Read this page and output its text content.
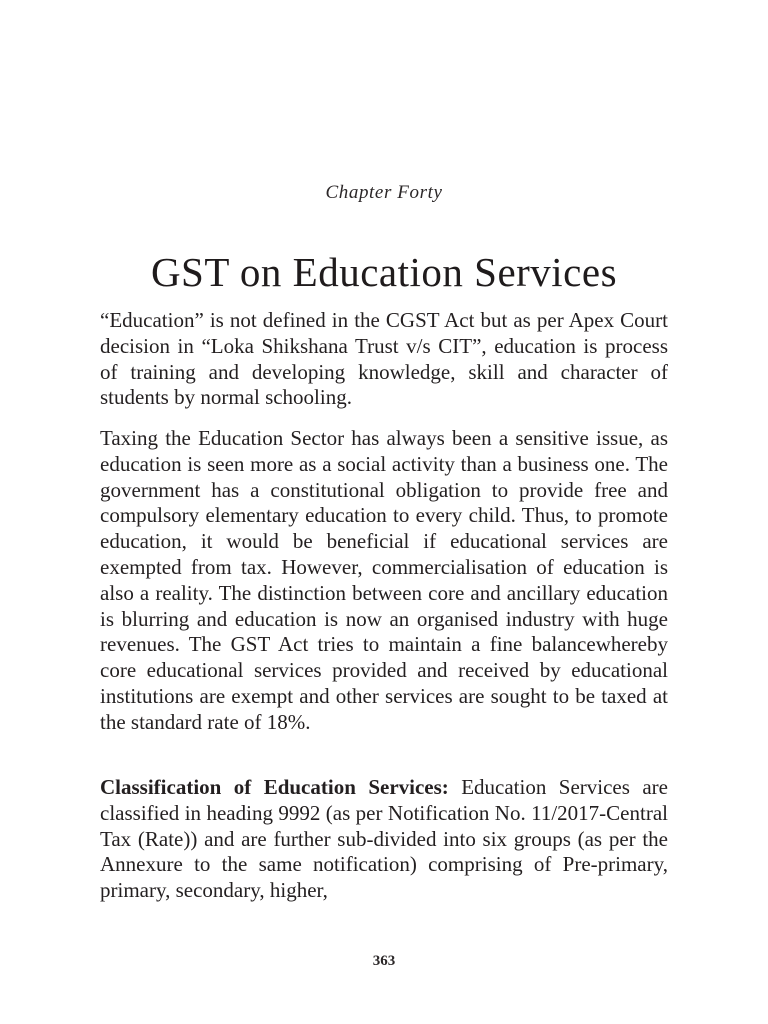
Chapter Forty
GST on Education Services

“Education” is not defined in the CGST Act but as per Apex Court decision in “Loka Shikshana Trust v/s CIT”, education is process of training and developing knowledge, skill and character of students by normal schooling.

Taxing the Education Sector has always been a sensitive issue, as education is seen more as a social activity than a business one. The government has a constitutional obligation to provide free and compulsory elementary education to every child. Thus, to promote education, it would be beneficial if educational services are exempted from tax. However, commercialisation of education is also a reality. The distinction between core and ancillary education is blurring and education is now an organised industry with huge revenues. The GST Act tries to maintain a fine balancewhereby core educational services provided and received by educational institutions are exempt and other services are sought to be taxed at the standard rate of 18%.

Classification of Education Services: Education Services are classified in heading 9992 (as per Notification No. 11/2017-Central Tax (Rate)) and are further sub-divided into six groups (as per the Annexure to the same notification) comprising of Pre-primary, primary, secondary, higher,

363
